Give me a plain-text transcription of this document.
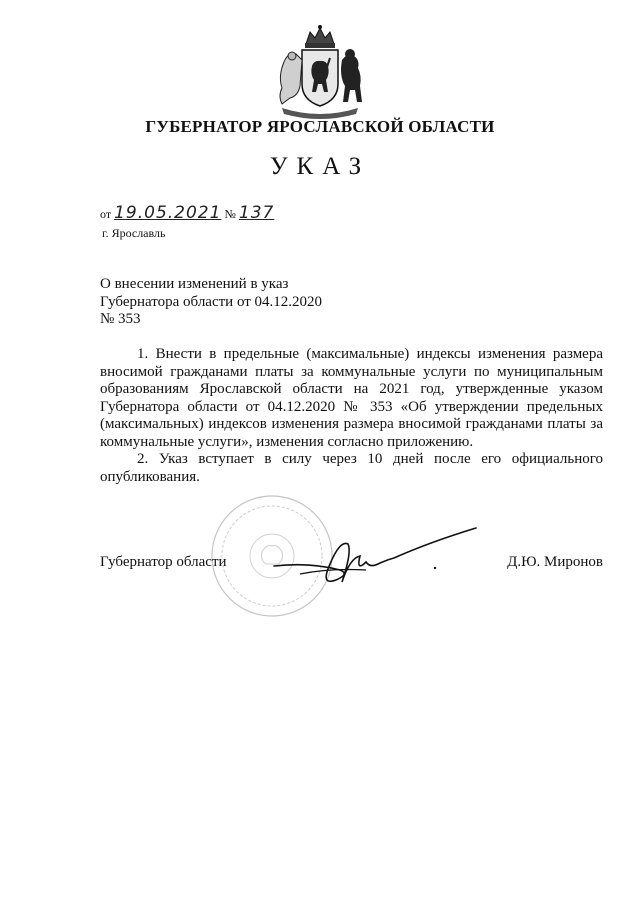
ГУБЕРНАТОР ЯРОСЛАВСКОЙ ОБЛАСТИ
УКАЗ
от 19.05.2021 № 137
г. Ярославль
О внесении изменений в указ
Губернатора области от 04.12.2020
№ 353

1. Внести в предельные (максимальные) индексы изменения размера вносимой гражданами платы за коммунальные услуги по муниципальным образованиям Ярославской области на 2021 год, утвержденные указом Губернатора области от 04.12.2020 № 353 «Об утверждении предельных (максимальных) индексов изменения размера вносимой гражданами платы за коммунальные услуги», изменения согласно приложению.

2. Указ вступает в силу через 10 дней после его официального опубликования.

Губернатор области	Д.Ю. Миронов
